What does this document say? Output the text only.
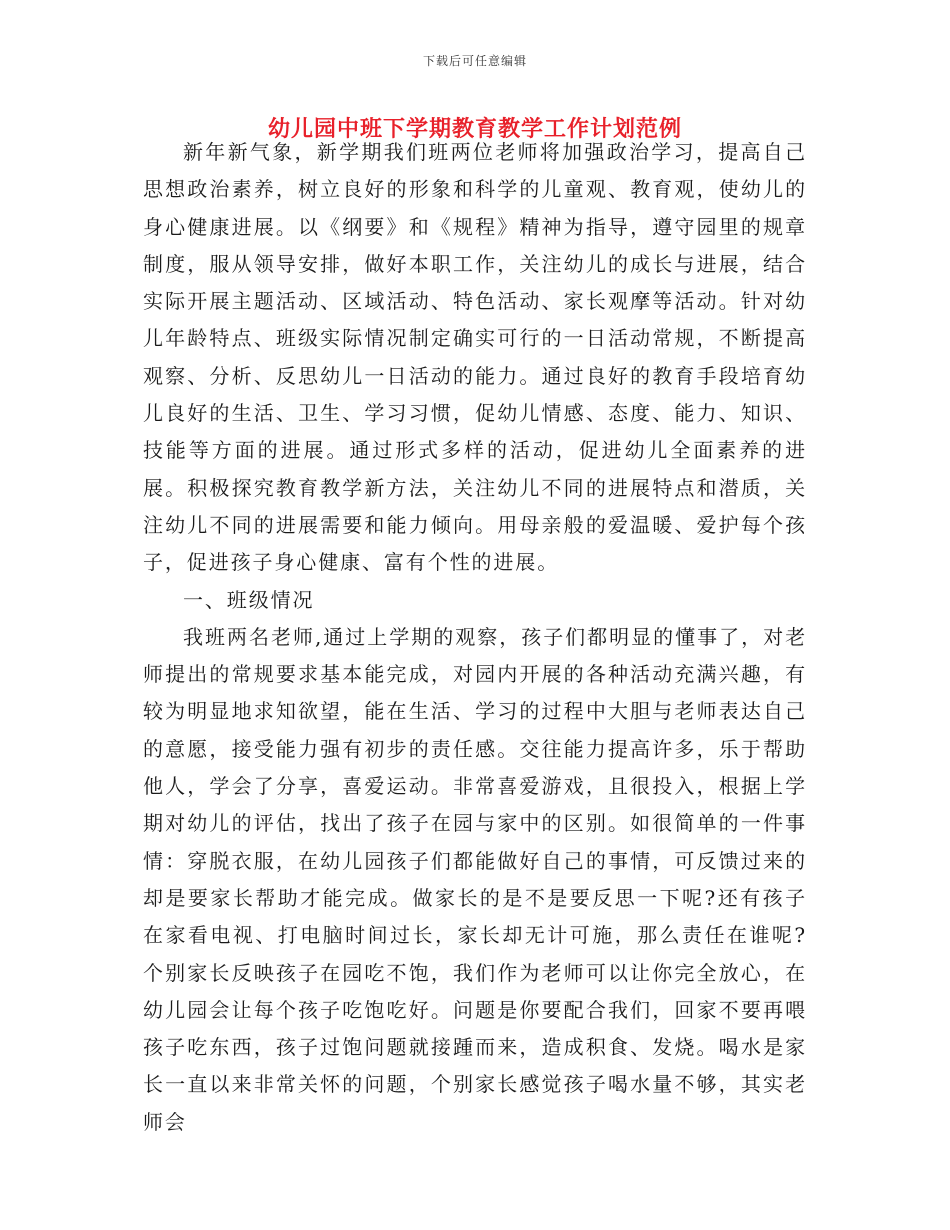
下载后可任意编辑
幼儿园中班下学期教育教学工作计划范例

新年新气象，新学期我们班两位老师将加强政治学习，提高自己思想政治素养，树立良好的形象和科学的儿童观、教育观，使幼儿的身心健康进展。以《纲要》和《规程》精神为指导，遵守园里的规章制度，服从领导安排，做好本职工作，关注幼儿的成长与进展，结合实际开展主题活动、区域活动、特色活动、家长观摩等活动。针对幼儿年龄特点、班级实际情况制定确实可行的一日活动常规，不断提高观察、分析、反思幼儿一日活动的能力。通过良好的教育手段培育幼儿良好的生活、卫生、学习习惯，促幼儿情感、态度、能力、知识、技能等方面的进展。通过形式多样的活动，促进幼儿全面素养的进展。积极探究教育教学新方法，关注幼儿不同的进展特点和潜质，关注幼儿不同的进展需要和能力倾向。用母亲般的爱温暖、爱护每个孩子，促进孩子身心健康、富有个性的进展。

一、班级情况

我班两名老师,通过上学期的观察，孩子们都明显的懂事了，对老师提出的常规要求基本能完成，对园内开展的各种活动充满兴趣，有较为明显地求知欲望，能在生活、学习的过程中大胆与老师表达自己的意愿，接受能力强有初步的责任感。交往能力提高许多，乐于帮助他人，学会了分享，喜爱运动。非常喜爱游戏，且很投入，根据上学期对幼儿的评估，找出了孩子在园与家中的区别。如很简单的一件事情：穿脱衣服，在幼儿园孩子们都能做好自己的事情，可反馈过来的却是要家长帮助才能完成。做家长的是不是要反思一下呢?还有孩子在家看电视、打电脑时间过长，家长却无计可施，那么责任在谁呢?个别家长反映孩子在园吃不饱，我们作为老师可以让你完全放心，在幼儿园会让每个孩子吃饱吃好。问题是你要配合我们，回家不要再喂孩子吃东西，孩子过饱问题就接踵而来，造成积食、发烧。喝水是家长一直以来非常关怀的问题，个别家长感觉孩子喝水量不够，其实老师会
